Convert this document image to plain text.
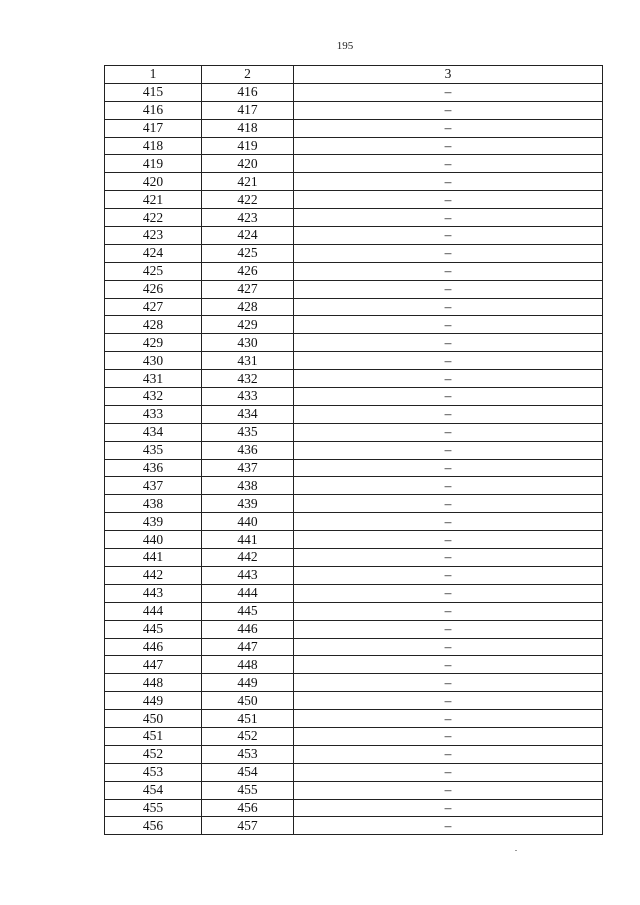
195
1	2	3
415	416	–
416	417	–
417	418	–
418	419	–
419	420	–
420	421	–
421	422	–
422	423	–
423	424	–
424	425	–
425	426	–
426	427	–
427	428	–
428	429	–
429	430	–
430	431	–
431	432	–
432	433	–
433	434	–
434	435	–
435	436	–
436	437	–
437	438	–
438	439	–
439	440	–
440	441	–
441	442	–
442	443	–
443	444	–
444	445	–
445	446	–
446	447	–
447	448	–
448	449	–
449	450	–
450	451	–
451	452	–
452	453	–
453	454	–
454	455	–
455	456	–
456	457	–
